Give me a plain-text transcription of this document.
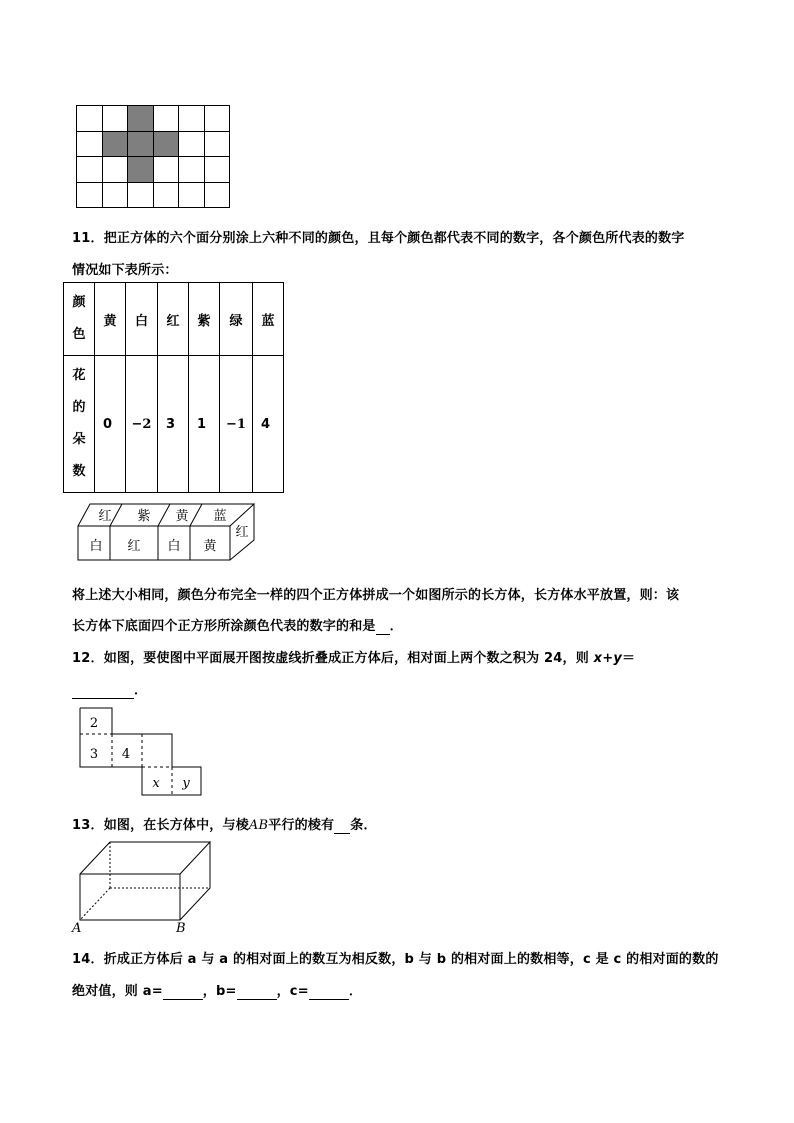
11．把正方体的六个面分别涂上六种不同的颜色，且每个颜色都代表不同的数字，各个颜色所代表的数字
情况如下表所示：
颜
色	黄	白	红	紫	绿	蓝

花
的
朵
数	0	−2	3	1	−1	4
红 紫 黄 蓝
白 红 白 黄
红
将上述大小相同，颜色分布完全一样的四个正方体拼成一个如图所示的长方体，长方体水平放置，则：该
长方体下底面四个正方形所涂颜色代表的数字的和是 ．
12．如图，要使图中平面展开图按虚线折叠成正方体后，相对面上两个数之积为 24，则 x+y＝
．
2
3 4
x y
13．如图，在长方体中，与棱AB平行的棱有 条．
A	B
14．折成正方体后 a 与 a 的相对面上的数互为相反数，b 与 b 的相对面上的数相等，c 是 c 的相对面的数的
绝对值，则 a=	，b=	，c=	．
